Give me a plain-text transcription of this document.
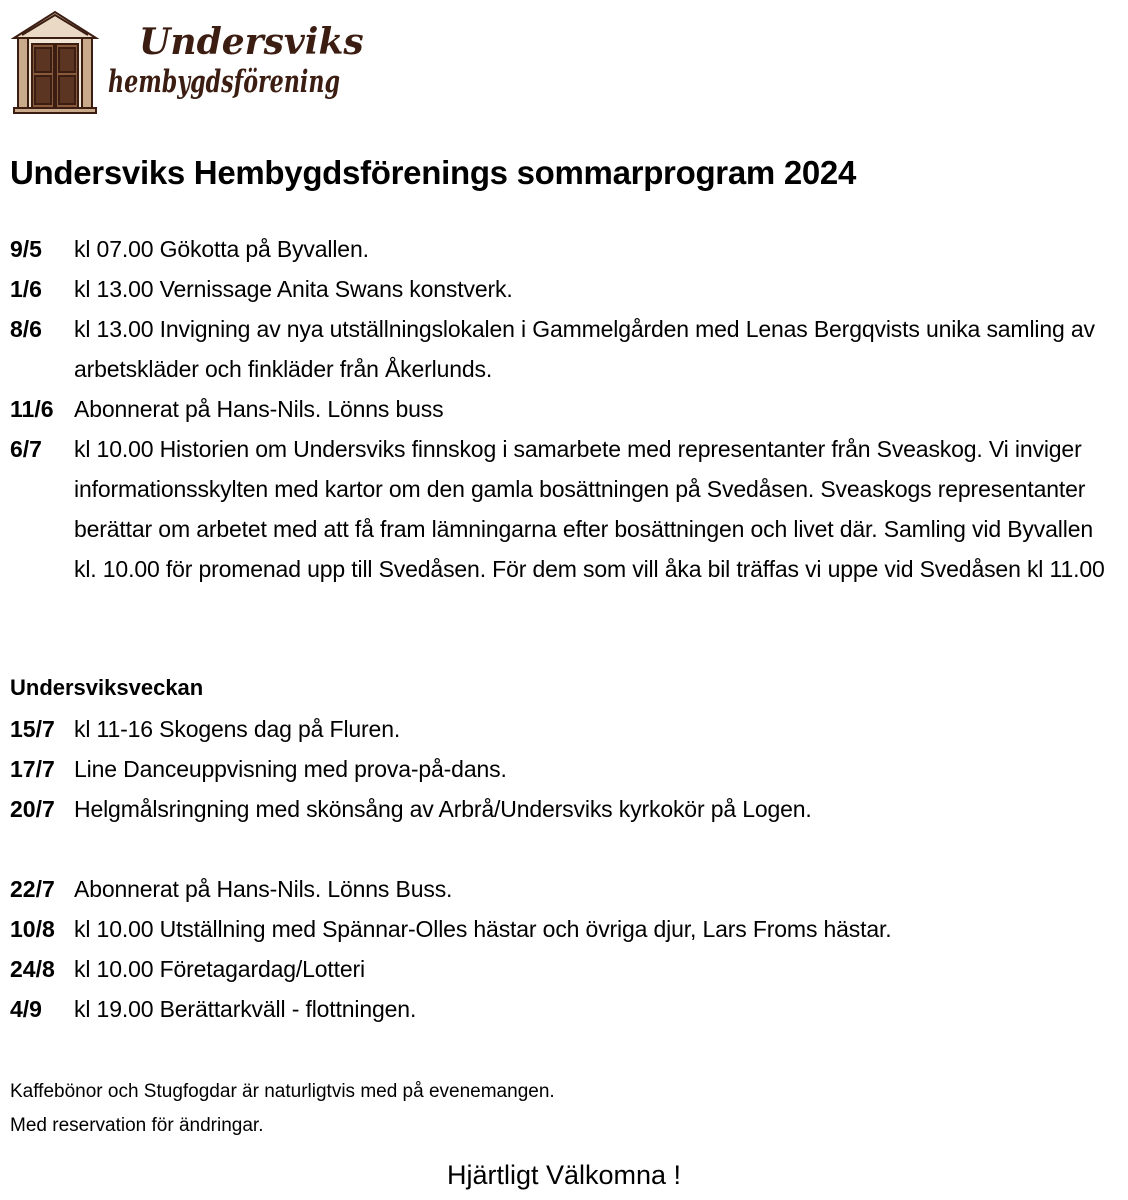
Undersviks
hembygdsförening
Undersviks Hembygdsförenings sommarprogram 2024
9/5	kl 07.00 Gökotta på Byvallen.
1/6	kl 13.00 Vernissage Anita Swans konstverk.
8/6	kl 13.00 Invigning av nya utställningslokalen i Gammelgården med Lenas Bergqvists unika samling av arbetskläder och finkläder från Åkerlunds.
11/6 Abonnerat på Hans-Nils. Lönns buss
6/7	kl 10.00 Historien om Undersviks finnskog i samarbete med representanter från Sveaskog. Vi inviger informationsskylten med kartor om den gamla bosättningen på Svedåsen. Sveaskogs representanter berättar om arbetet med att få fram lämningarna efter bosättningen och livet där. Samling vid Byvallen kl. 10.00 för promenad upp till Svedåsen. För dem som vill åka bil träffas vi uppe vid Svedåsen kl 11.00
Undersviksveckan
15/7 kl 11-16 Skogens dag på Fluren.
17/7 Line Danceuppvisning med prova-på-dans.
20/7 Helgmålsringning med skönsång av Arbrå/Undersviks kyrkokör på Logen.
22/7 Abonnerat på Hans-Nils. Lönns Buss.
10/8 kl 10.00 Utställning med Spännar-Olles hästar och övriga djur, Lars Froms hästar.
24/8 kl 10.00 Företagardag/Lotteri
4/9	kl 19.00 Berättarkväll - flottningen.
Kaffebönor och Stugfogdar är naturligtvis med på evenemangen.
Med reservation för ändringar.
Hjärtligt Välkomna !
